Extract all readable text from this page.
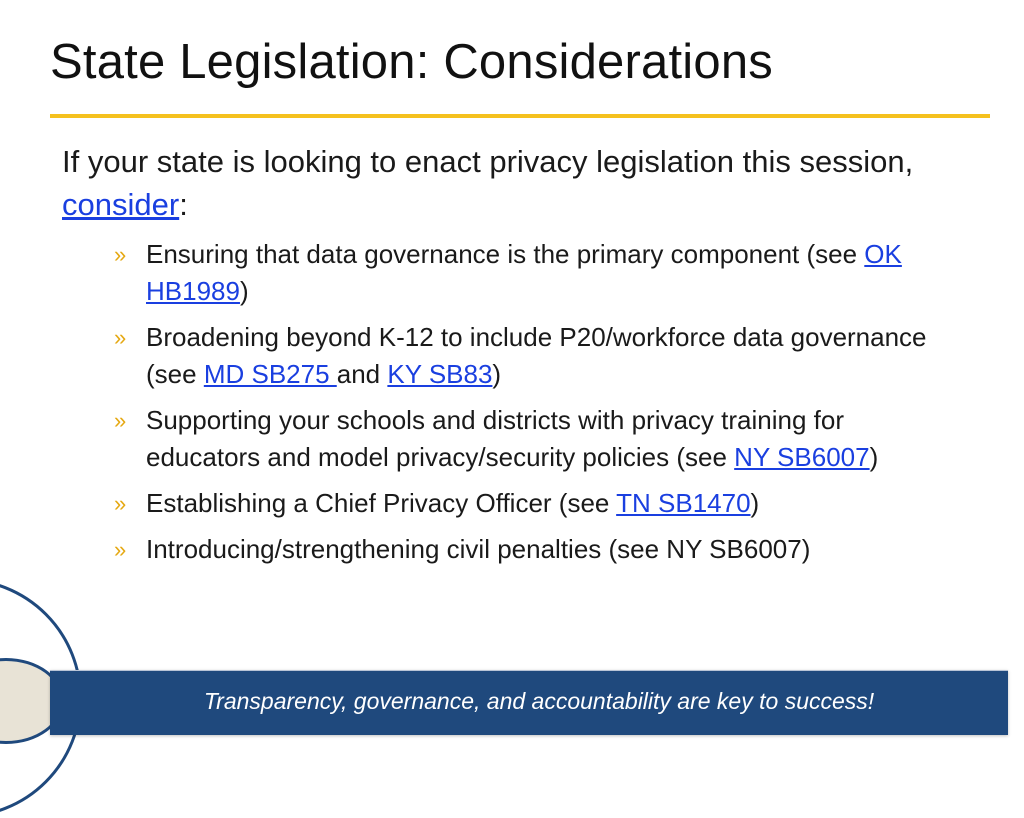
State Legislation: Considerations

If your state is looking to enact privacy legislation this session, consider:

» Ensuring that data governance is the primary component (see OK HB1989)
» Broadening beyond K-12 to include P20/workforce data governance (see MD SB275 and KY SB83)
» Supporting your schools and districts with privacy training for educators and model privacy/security policies (see NY SB6007)
» Establishing a Chief Privacy Officer (see TN SB1470)
» Introducing/strengthening civil penalties (see NY SB6007)
Transparency, governance, and accountability are key to success!
